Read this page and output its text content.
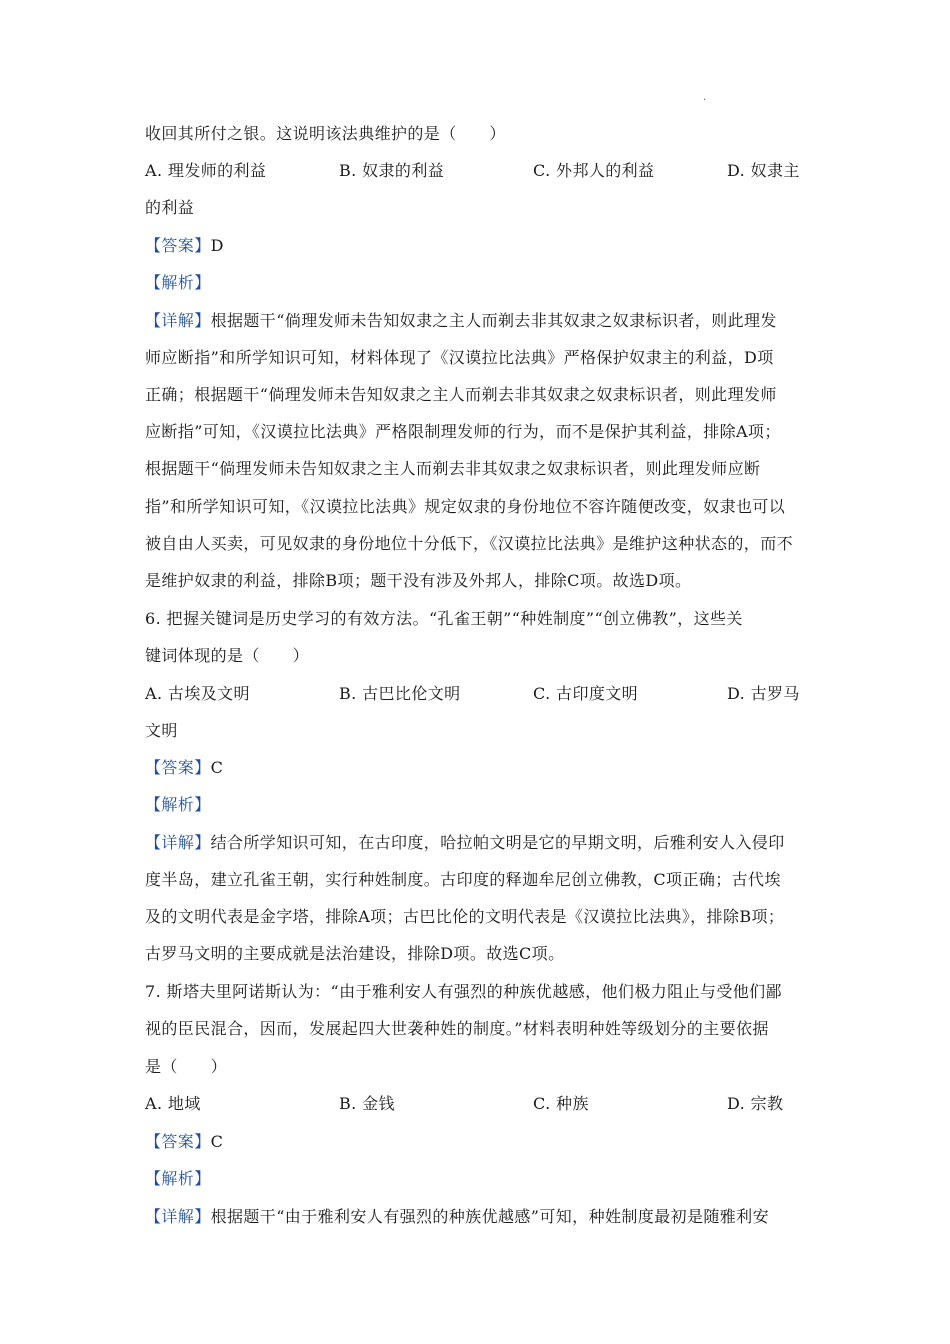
.
收回其所付之银。这说明该法典维护的是（　　）
A. 理发师的利益	B. 奴隶的利益	C. 外邦人的利益	D. 奴隶主
的利益
【答案】D
【解析】
【详解】根据题干“倘理发师未告知奴隶之主人而剃去非其奴隶之奴隶标识者，则此理发
师应断指”和所学知识可知，材料体现了《汉谟拉比法典》严格保护奴隶主的利益，D项
正确；根据题干“倘理发师未告知奴隶之主人而剃去非其奴隶之奴隶标识者，则此理发师
应断指”可知，《汉谟拉比法典》严格限制理发师的行为，而不是保护其利益，排除A项；
根据题干“倘理发师未告知奴隶之主人而剃去非其奴隶之奴隶标识者，则此理发师应断
指”和所学知识可知，《汉谟拉比法典》规定奴隶的身份地位不容许随便改变，奴隶也可以
被自由人买卖，可见奴隶的身份地位十分低下，《汉谟拉比法典》是维护这种状态的，而不
是维护奴隶的利益，排除B项；题干没有涉及外邦人，排除C项。故选D项。
6. 把握关键词是历史学习的有效方法。“孔雀王朝”“种姓制度”“创立佛教”，这些关
键词体现的是（　　）
A. 古埃及文明	B. 古巴比伦文明	C. 古印度文明	D. 古罗马
文明
【答案】C
【解析】
【详解】结合所学知识可知，在古印度，哈拉帕文明是它的早期文明，后雅利安人入侵印
度半岛，建立孔雀王朝，实行种姓制度。古印度的释迦牟尼创立佛教，C项正确；古代埃
及的文明代表是金字塔，排除A项；古巴比伦的文明代表是《汉谟拉比法典》，排除B项；
古罗马文明的主要成就是法治建设，排除D项。故选C项。
7. 斯塔夫里阿诺斯认为：“由于雅利安人有强烈的种族优越感，他们极力阻止与受他们鄙
视的臣民混合，因而，发展起四大世袭种姓的制度。”材料表明种姓等级划分的主要依据
是（　　）
A. 地域	B. 金钱	C. 种族	D. 宗教
【答案】C
【解析】
【详解】根据题干“由于雅利安人有强烈的种族优越感”可知，种姓制度最初是随雅利安
